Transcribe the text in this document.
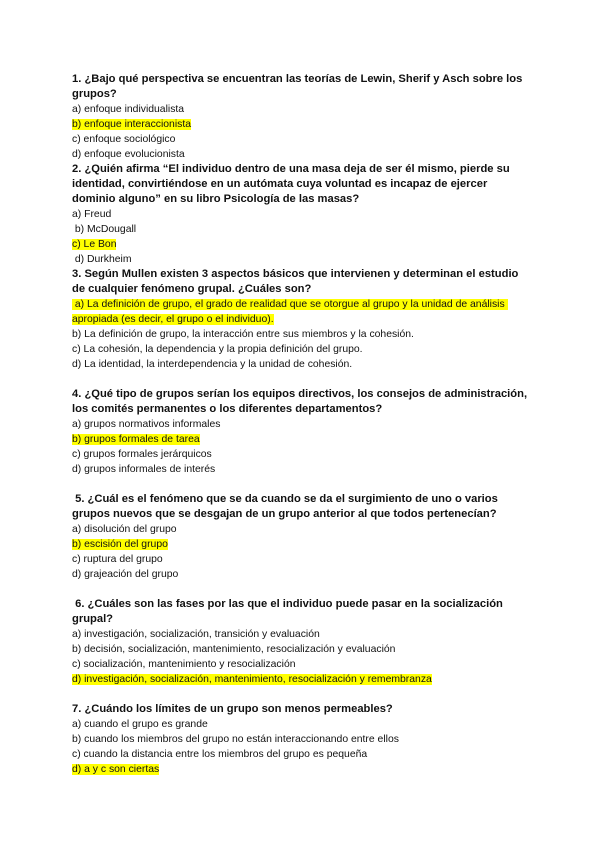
1. ¿Bajo qué perspectiva se encuentran las teorías de Lewin, Sherif y Asch sobre los grupos?

a) enfoque individualista

b) enfoque interaccionista

c) enfoque sociológico

d) enfoque evolucionista

2. ¿Quién afirma “El individuo dentro de una masa deja de ser él mismo, pierde su identidad, convirtiéndose en un autómata cuya voluntad es incapaz de ejercer dominio alguno” en su libro Psicología de las masas?

a) Freud

b) McDougall

c) Le Bon

d) Durkheim

3. Según Mullen existen 3 aspectos básicos que intervienen y determinan el estudio de cualquier fenómeno grupal. ¿Cuáles son?

a) La definición de grupo, el grado de realidad que se otorgue al grupo y la unidad de análisis apropiada (es decir, el grupo o el individuo).

b) La definición de grupo, la interacción entre sus miembros y la cohesión.

c) La cohesión, la dependencia y la propia definición del grupo.

d) La identidad, la interdependencia y la unidad de cohesión.

4. ¿Qué tipo de grupos serían los equipos directivos, los consejos de administración, los comités permanentes o los diferentes departamentos?

a) grupos normativos informales

b) grupos formales de tarea

c) grupos formales jerárquicos

d) grupos informales de interés

5. ¿Cuál es el fenómeno que se da cuando se da el surgimiento de uno o varios grupos nuevos que se desgajan de un grupo anterior al que todos pertenecían?

a) disolución del grupo

b) escisión del grupo

c) ruptura del grupo

d) grajeación del grupo

6. ¿Cuáles son las fases por las que el individuo puede pasar en la socialización grupal?

a) investigación, socialización, transición y evaluación

b) decisión, socialización, mantenimiento, resocialización y evaluación

c) socialización, mantenimiento y resocialización

d) investigación, socialización, mantenimiento, resocialización y remembranza

7. ¿Cuándo los límites de un grupo son menos permeables?

a) cuando el grupo es grande

b) cuando los miembros del grupo no están interaccionando entre ellos

c) cuando la distancia entre los miembros del grupo es pequeña

d) a y c son ciertas
